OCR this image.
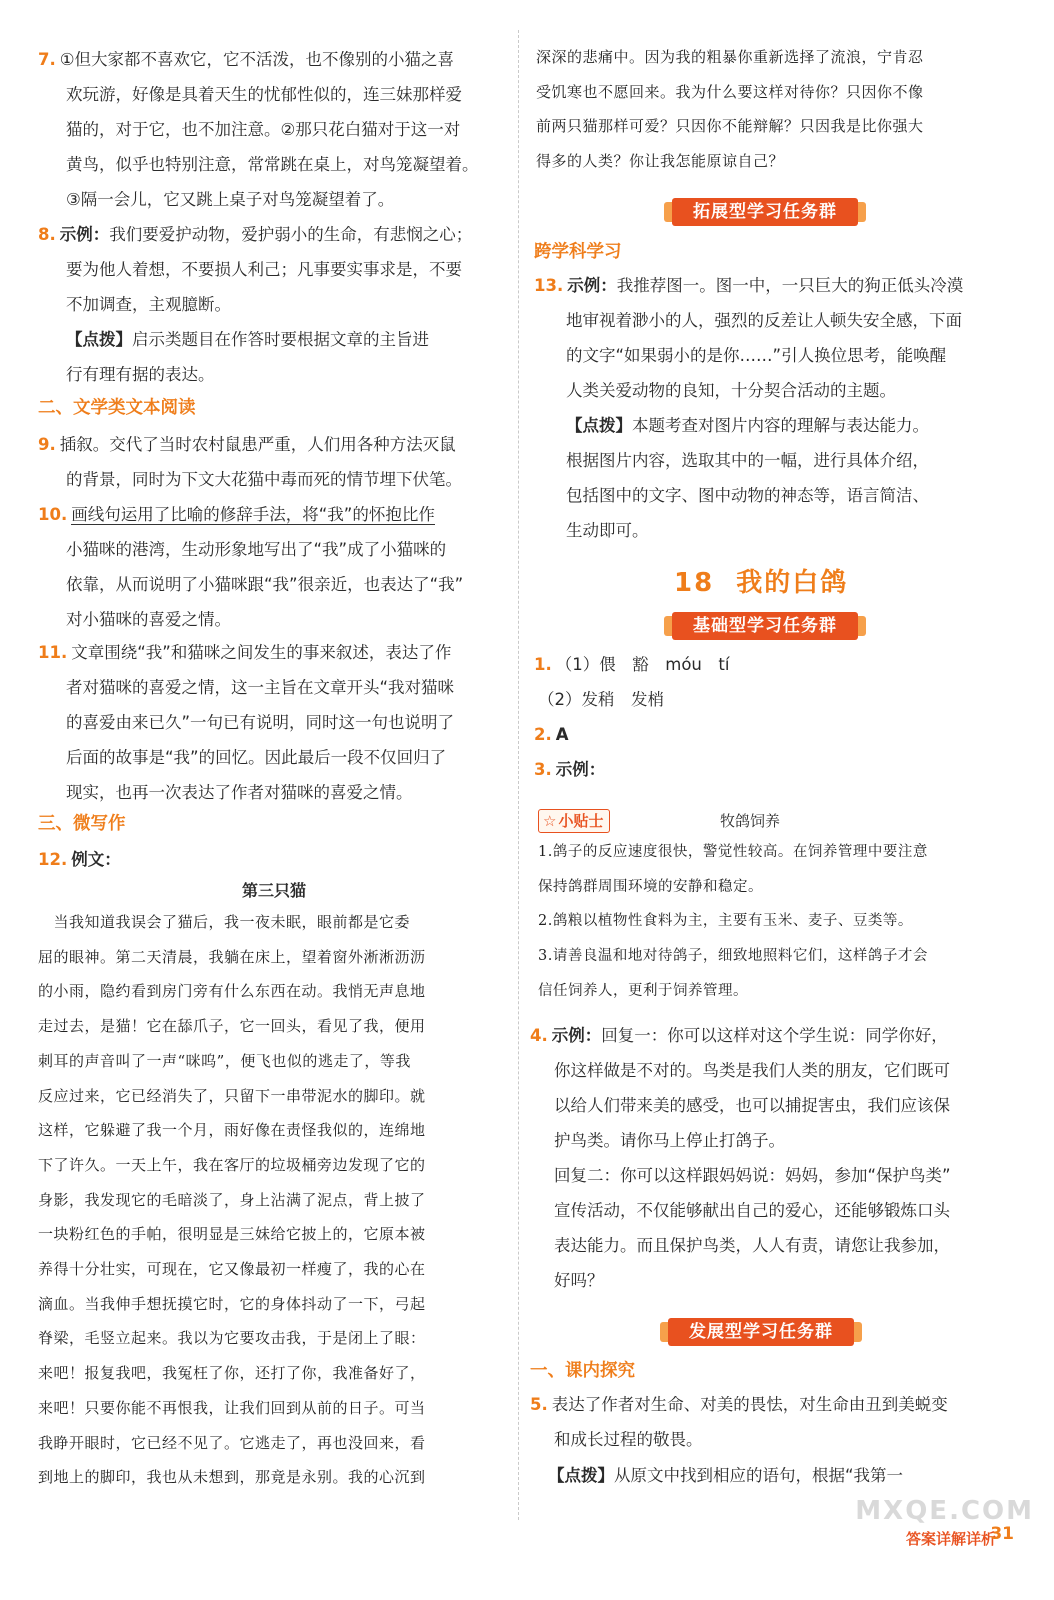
7. ①但大家都不喜欢它，它不活泼，也不像别的小猫之喜
欢玩游，好像是具着天生的忧郁性似的，连三妹那样爱
猫的，对于它，也不加注意。②那只花白猫对于这一对
黄鸟，似乎也特别注意，常常跳在桌上，对鸟笼凝望着。
③隔一会儿，它又跳上桌子对鸟笼凝望着了。
8. 示例：我们要爱护动物，爱护弱小的生命，有悲悯之心；
要为他人着想，不要损人利己；凡事要实事求是，不要
不加调查，主观臆断。
【点拨】启示类题目在作答时要根据文章的主旨进
行有理有据的表达。
二、文学类文本阅读
9. 插叙。交代了当时农村鼠患严重，人们用各种方法灭鼠
的背景，同时为下文大花猫中毒而死的情节埋下伏笔。
10. 画线句运用了比喻的修辞手法，将“我”的怀抱比作
小猫咪的港湾，生动形象地写出了“我”成了小猫咪的
依靠，从而说明了小猫咪跟“我”很亲近，也表达了“我”
对小猫咪的喜爱之情。
11. 文章围绕“我”和猫咪之间发生的事来叙述，表达了作
者对猫咪的喜爱之情，这一主旨在文章开头“我对猫咪
的喜爱由来已久”一句已有说明，同时这一句也说明了
后面的故事是“我”的回忆。因此最后一段不仅回归了
现实，也再一次表达了作者对猫咪的喜爱之情。
三、微写作
12. 例文：
第三只猫
　当我知道我误会了猫后，我一夜未眠，眼前都是它委
屈的眼神。第二天清晨，我躺在床上，望着窗外淅淅沥沥
的小雨，隐约看到房门旁有什么东西在动。我悄无声息地
走过去，是猫！它在舔爪子，它一回头，看见了我，便用
刺耳的声音叫了一声“咪呜”，便飞也似的逃走了，等我
反应过来，它已经消失了，只留下一串带泥水的脚印。就
这样，它躲避了我一个月，雨好像在责怪我似的，连绵地
下了许久。一天上午，我在客厅的垃圾桶旁边发现了它的
身影，我发现它的毛暗淡了，身上沾满了泥点，背上披了
一块粉红色的手帕，很明显是三妹给它披上的，它原本被
养得十分壮实，可现在，它又像最初一样瘦了，我的心在
滴血。当我伸手想抚摸它时，它的身体抖动了一下，弓起
脊梁，毛竖立起来。我以为它要攻击我，于是闭上了眼：
来吧！报复我吧，我冤枉了你，还打了你，我准备好了，
来吧！只要你能不再恨我，让我们回到从前的日子。可当
我睁开眼时，它已经不见了。它逃走了，再也没回来，看
到地上的脚印，我也从未想到，那竟是永别。我的心沉到
深深的悲痛中。因为我的粗暴你重新选择了流浪，宁肯忍
受饥寒也不愿回来。我为什么要这样对待你？只因你不像
前两只猫那样可爱？只因你不能辩解？只因我是比你强大
得多的人类？你让我怎能原谅自己？
拓展型学习任务群
跨学科学习
13. 示例：我推荐图一。图一中，一只巨大的狗正低头冷漠
地审视着渺小的人，强烈的反差让人顿失安全感，下面
的文字“如果弱小的是你……”引人换位思考，能唤醒
人类关爱动物的良知，十分契合活动的主题。
【点拨】本题考查对图片内容的理解与表达能力。
根据图片内容，选取其中的一幅，进行具体介绍，
包括图中的文字、图中动物的神态等，语言简洁、
生动即可。
18 我的白鸽
基础型学习任务群
1. （1）偎　豁　móu　tí
（2）发稍　发梢
2. A
3. 示例：
☆ 小贴士	牧鸽饲养
1.鸽子的反应速度很快，警觉性较高。在饲养管理中要注意
保持鸽群周围环境的安静和稳定。
2.鸽粮以植物性食料为主，主要有玉米、麦子、豆类等。
3.请善良温和地对待鸽子，细致地照料它们，这样鸽子才会
信任饲养人，更利于饲养管理。
4. 示例：回复一：你可以这样对这个学生说：同学你好，
你这样做是不对的。鸟类是我们人类的朋友，它们既可
以给人们带来美的感受，也可以捕捉害虫，我们应该保
护鸟类。请你马上停止打鸽子。
回复二：你可以这样跟妈妈说：妈妈，参加“保护鸟类”
宣传活动，不仅能够献出自己的爱心，还能够锻炼口头
表达能力。而且保护鸟类，人人有责，请您让我参加，
好吗？
发展型学习任务群
一、课内探究
5. 表达了作者对生命、对美的畏怯，对生命由丑到美蜕变
和成长过程的敬畏。
【点拨】从原文中找到相应的语句，根据“我第一
MXQE.COM
答案详解详析
31
